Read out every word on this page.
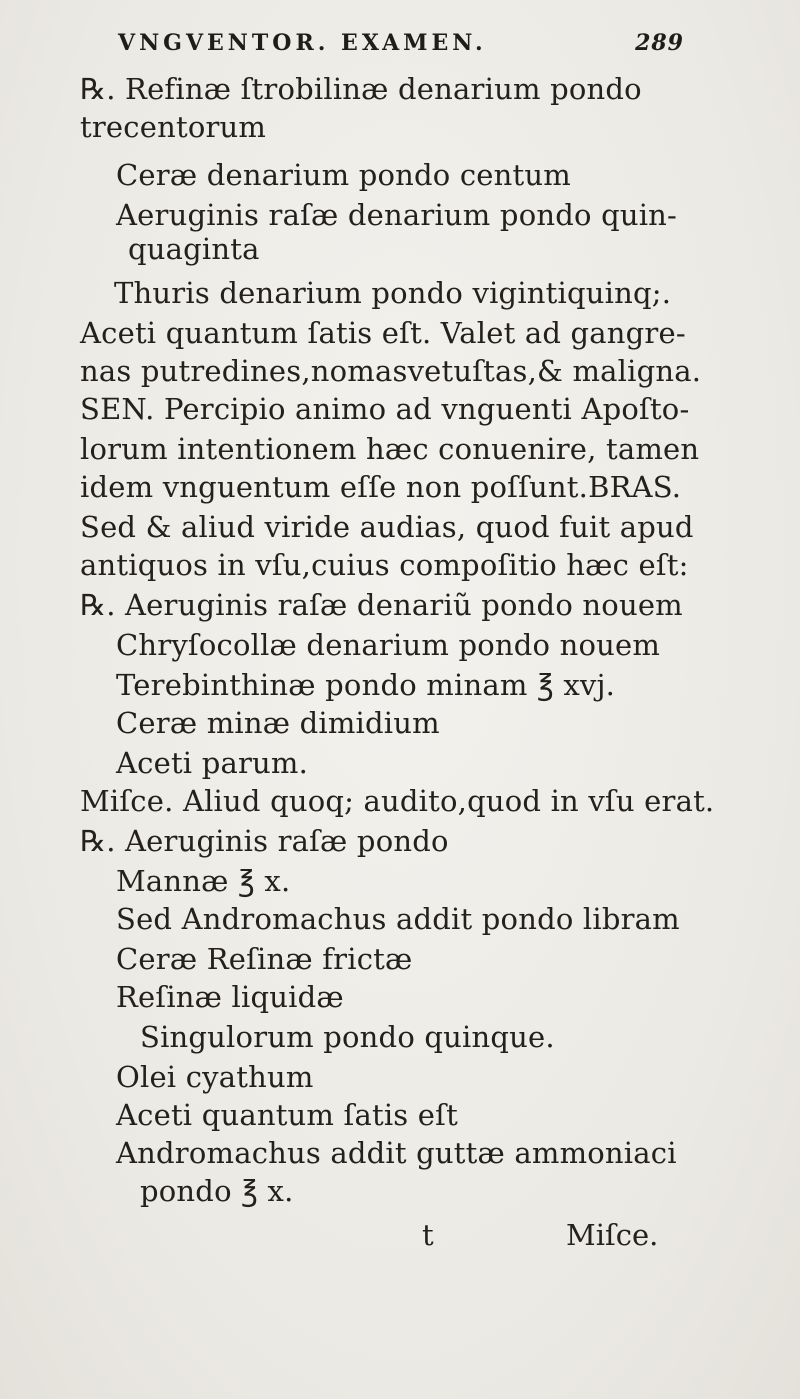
VNGVENTOR. EXAMEN.	289
℞. Refinæ ſtrobilinæ denarium pondo
trecentorum
Ceræ denarium pondo centum
Aeruginis raſæ denarium pondo quin-
quaginta
Thuris denarium pondo vigintiquinq;.
Aceti quantum ſatis eſt. Valet ad gangre-
nas putredines,nomasvetuſtas,& maligna.
SEN. Percipio animo ad vnguenti Apoſto-
lorum intentionem hæc conuenire, tamen
idem vnguentum eſſe non poſſunt.BRAS.
Sed & aliud viride audias, quod fuit apud
antiquos in vſu,cuius compoſitio hæc eſt:
℞. Aeruginis raſæ denariũ pondo nouem
Chryſocollæ denarium pondo nouem
Terebinthinæ pondo minam ℥ xvj.
Ceræ minæ dimidium
Aceti parum.
Miſce. Aliud quoq; audito,quod in vſu erat.
℞. Aeruginis raſæ pondo
Mannæ ℥ x.
Sed Andromachus addit pondo libram
Ceræ Reſinæ frictæ
Reſinæ liquidæ
Singulorum pondo quinque.
Olei cyathum
Aceti quantum ſatis eſt
Andromachus addit guttæ ammoniaci
pondo ℥ x.
t	Miſce.
